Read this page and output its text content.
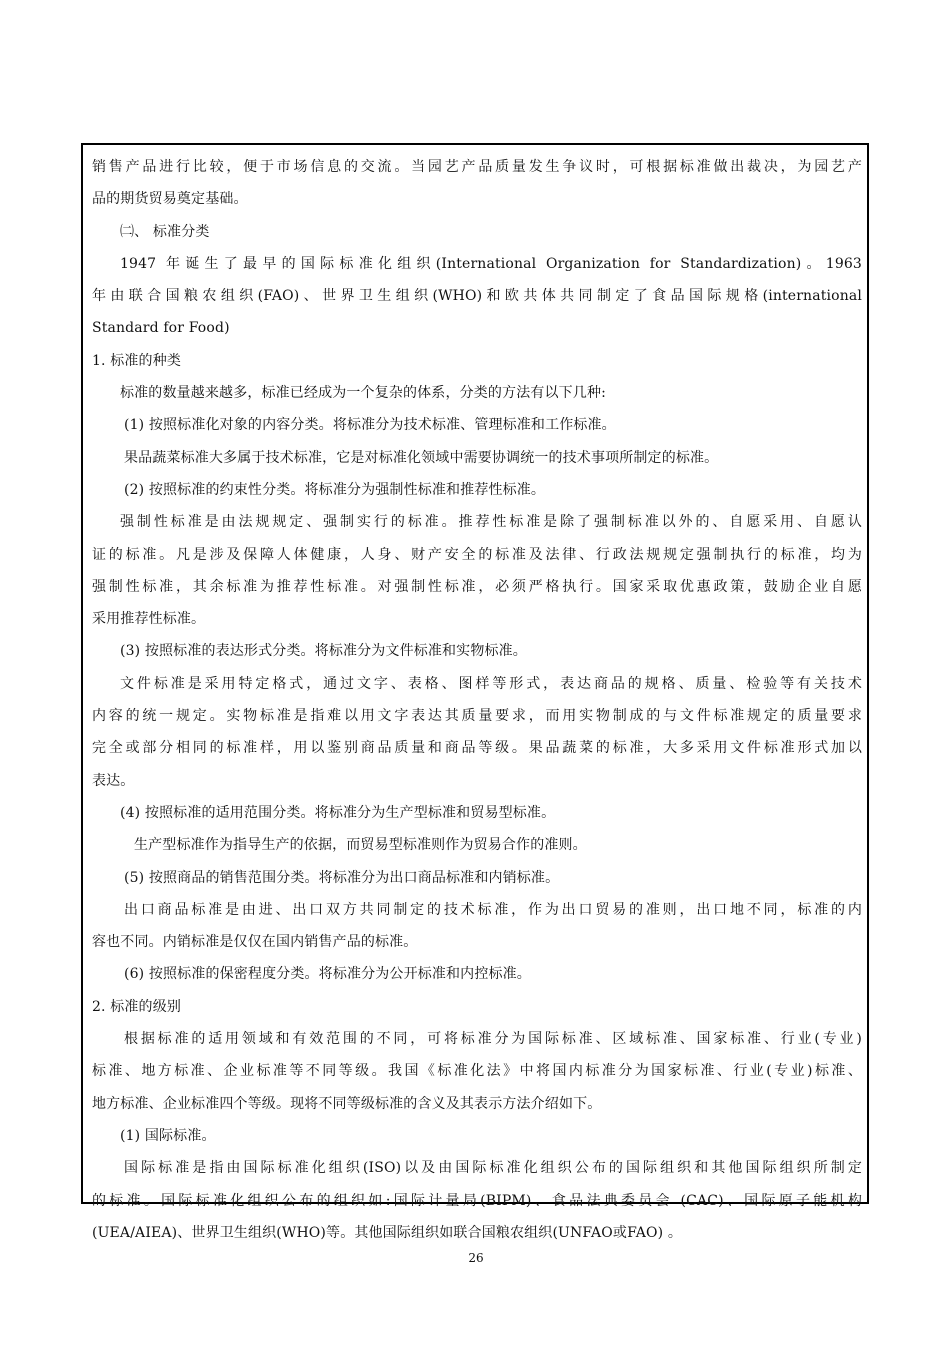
销售产品进行比较，便于市场信息的交流。当园艺产品质量发生争议时，可根据标准做出裁决，为园艺产
品的期货贸易奠定基础。
㈡、 标准分类
1947 年诞生了最早的国际标准化组织(International Organization for Standardization)。1963
年由联合国粮农组织(FAO)、世界卫生组织(WHO)和欧共体共同制定了食品国际规格(international
Standard for Food)
1. 标准的种类
标准的数量越来越多，标准已经成为一个复杂的体系，分类的方法有以下几种:
(1) 按照标准化对象的内容分类。将标准分为技术标准、管理标准和工作标准。
果品蔬菜标准大多属于技术标准，它是对标准化领域中需要协调统一的技术事项所制定的标准。
(2) 按照标准的约束性分类。将标准分为强制性标准和推荐性标准。
强制性标准是由法规规定、强制实行的标准。推荐性标准是除了强制标准以外的、自愿采用、自愿认
证的标准。凡是涉及保障人体健康，人身、财产安全的标准及法律、行政法规规定强制执行的标准，均为
强制性标准，其余标准为推荐性标准。对强制性标准，必须严格执行。国家采取优惠政策，鼓励企业自愿
采用推荐性标准。
(3) 按照标准的表达形式分类。将标准分为文件标准和实物标准。
文件标准是采用特定格式，通过文字、表格、图样等形式，表达商品的规格、质量、检验等有关技术
内容的统一规定。实物标准是指难以用文字表达其质量要求，而用实物制成的与文件标准规定的质量要求
完全或部分相同的标准样，用以鉴别商品质量和商品等级。果品蔬菜的标准，大多采用文件标准形式加以
表达。
(4) 按照标准的适用范围分类。将标准分为生产型标准和贸易型标准。
生产型标准作为指导生产的依据，而贸易型标准则作为贸易合作的准则。
(5) 按照商品的销售范围分类。将标准分为出口商品标准和内销标准。
出口商品标准是由进、出口双方共同制定的技术标准，作为出口贸易的准则，出口地不同，标准的内
容也不同。内销标准是仅仅在国内销售产品的标准。
(6) 按照标准的保密程度分类。将标准分为公开标准和内控标准。
2. 标准的级别
根据标准的适用领域和有效范围的不同，可将标准分为国际标准、区域标准、国家标准、行业(专业)
标准、地方标准、企业标准等不同等级。我国《标准化法》中将国内标准分为国家标准、行业(专业)标准、
地方标准、企业标准四个等级。现将不同等级标准的含义及其表示方法介绍如下。
(1) 国际标准。
国际标准是指由国际标准化组织(ISO)以及由国际标准化组织公布的国际组织和其他国际组织所制定
的标准。国际标准化组织公布的组织如:国际计量局(BIPM)、食品法典委员会 (CAC)、国际原子能机构
(UEA/AIEA)、世界卫生组织(WHO)等。其他国际组织如联合国粮农组织(UNFAO或FAO) 。
26
